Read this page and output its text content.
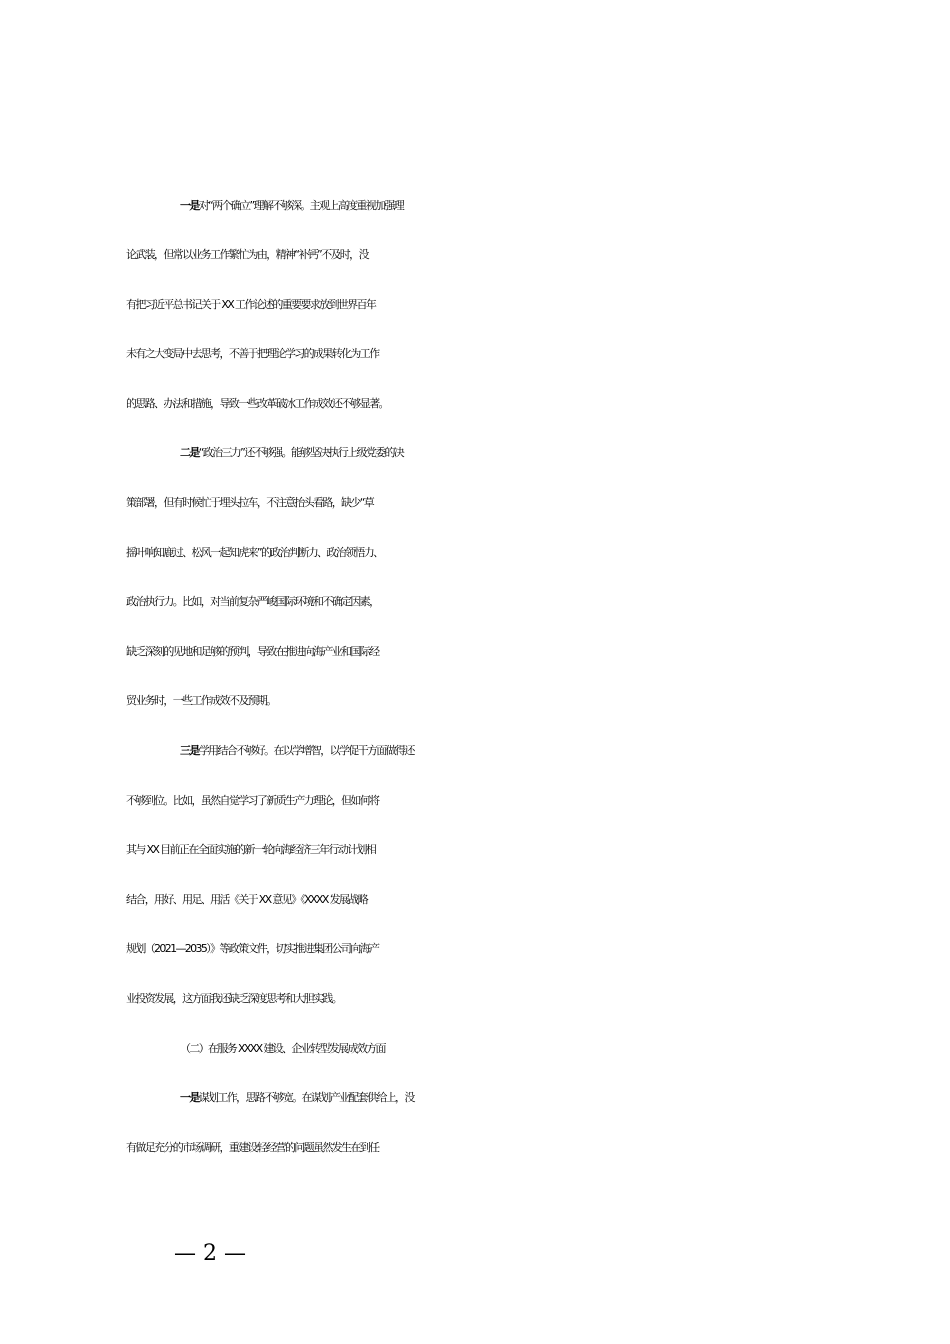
一是对“两个确立”理解不够深。主观上高度重视加强理
论武装，但常以业务工作繁忙为由，精神“补钙”不及时，没
有把习近平总书记关于 XX 工作论述的重要要求放到世界百年
未有之大变局中去思考，不善于把理论学习的成果转化为工作
的思路、办法和措施，导致一些改革破冰工作成效还不够显著。
二是“政治三力”还不够强。能够坚决执行上级党委的决
策部署，但有时候忙于埋头拉车，不注意抬头看路，缺少“草
摇叶响知鹿过、松风一起知虎来”的政治判断力、政治领悟力、
政治执行力。比如，对当前复杂严峻国际环境和不确定因素，
缺乏深刻的见地和足够的预判，导致在推进向海产业和国际经
贸业务时，一些工作成效不及预期。
三是学用结合不够好。在以学增智，以学促干方面做得还
不够到位。比如，虽然自觉学习了新质生产力理论，但如何将
其与 XX 目前正在全面实施的新一轮向海经济三年行动计划相
结合，用好、用足、用活《关于 XX 意见》《XXXX 发展战略
规划（2021—2035）》等政策文件，切实推进集团公司向海产
业投资发展，这方面我还缺乏深度思考和大胆实践。
（二）在服务 XXXX 建设、企业转型发展成效方面
一是谋划工作，思路不够宽。在谋划产业配套供给上，没
有做足充分的市场调研，重建设轻经营的问题虽然发生在到任
— 2 —
